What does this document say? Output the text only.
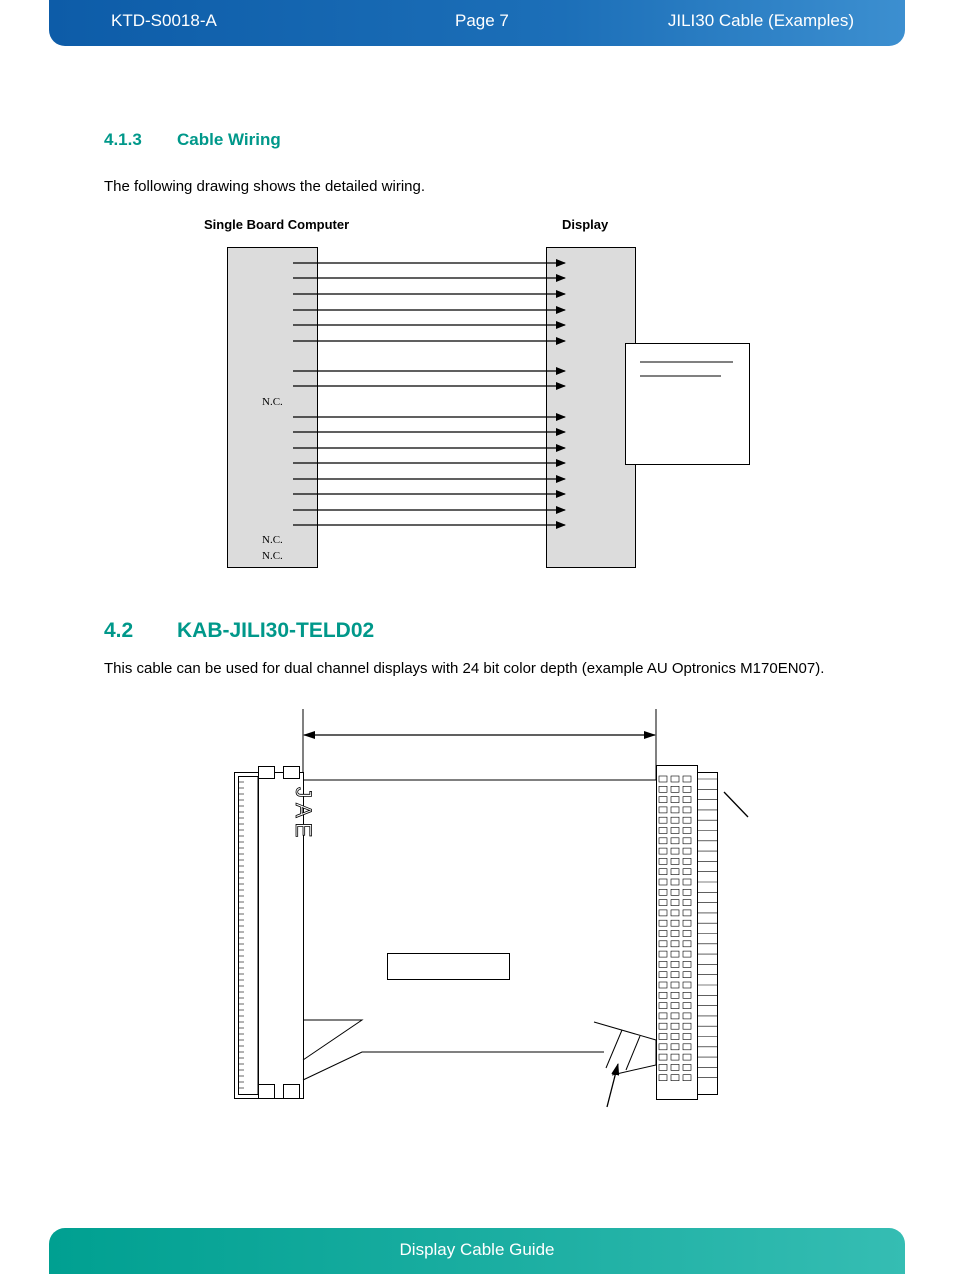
KTD-S0018-A	Page 7	JILI30 Cable (Examples)
4.1.3 Cable Wiring
The following drawing shows the detailed wiring.
Single Board Computer	Display
N.C.
N.C.
N.C.
4.2 KAB-JILI30-TELD02
This cable can be used for dual channel displays with 24 bit color depth (example AU Optronics M170EN07).
JAE
Display Cable Guide
